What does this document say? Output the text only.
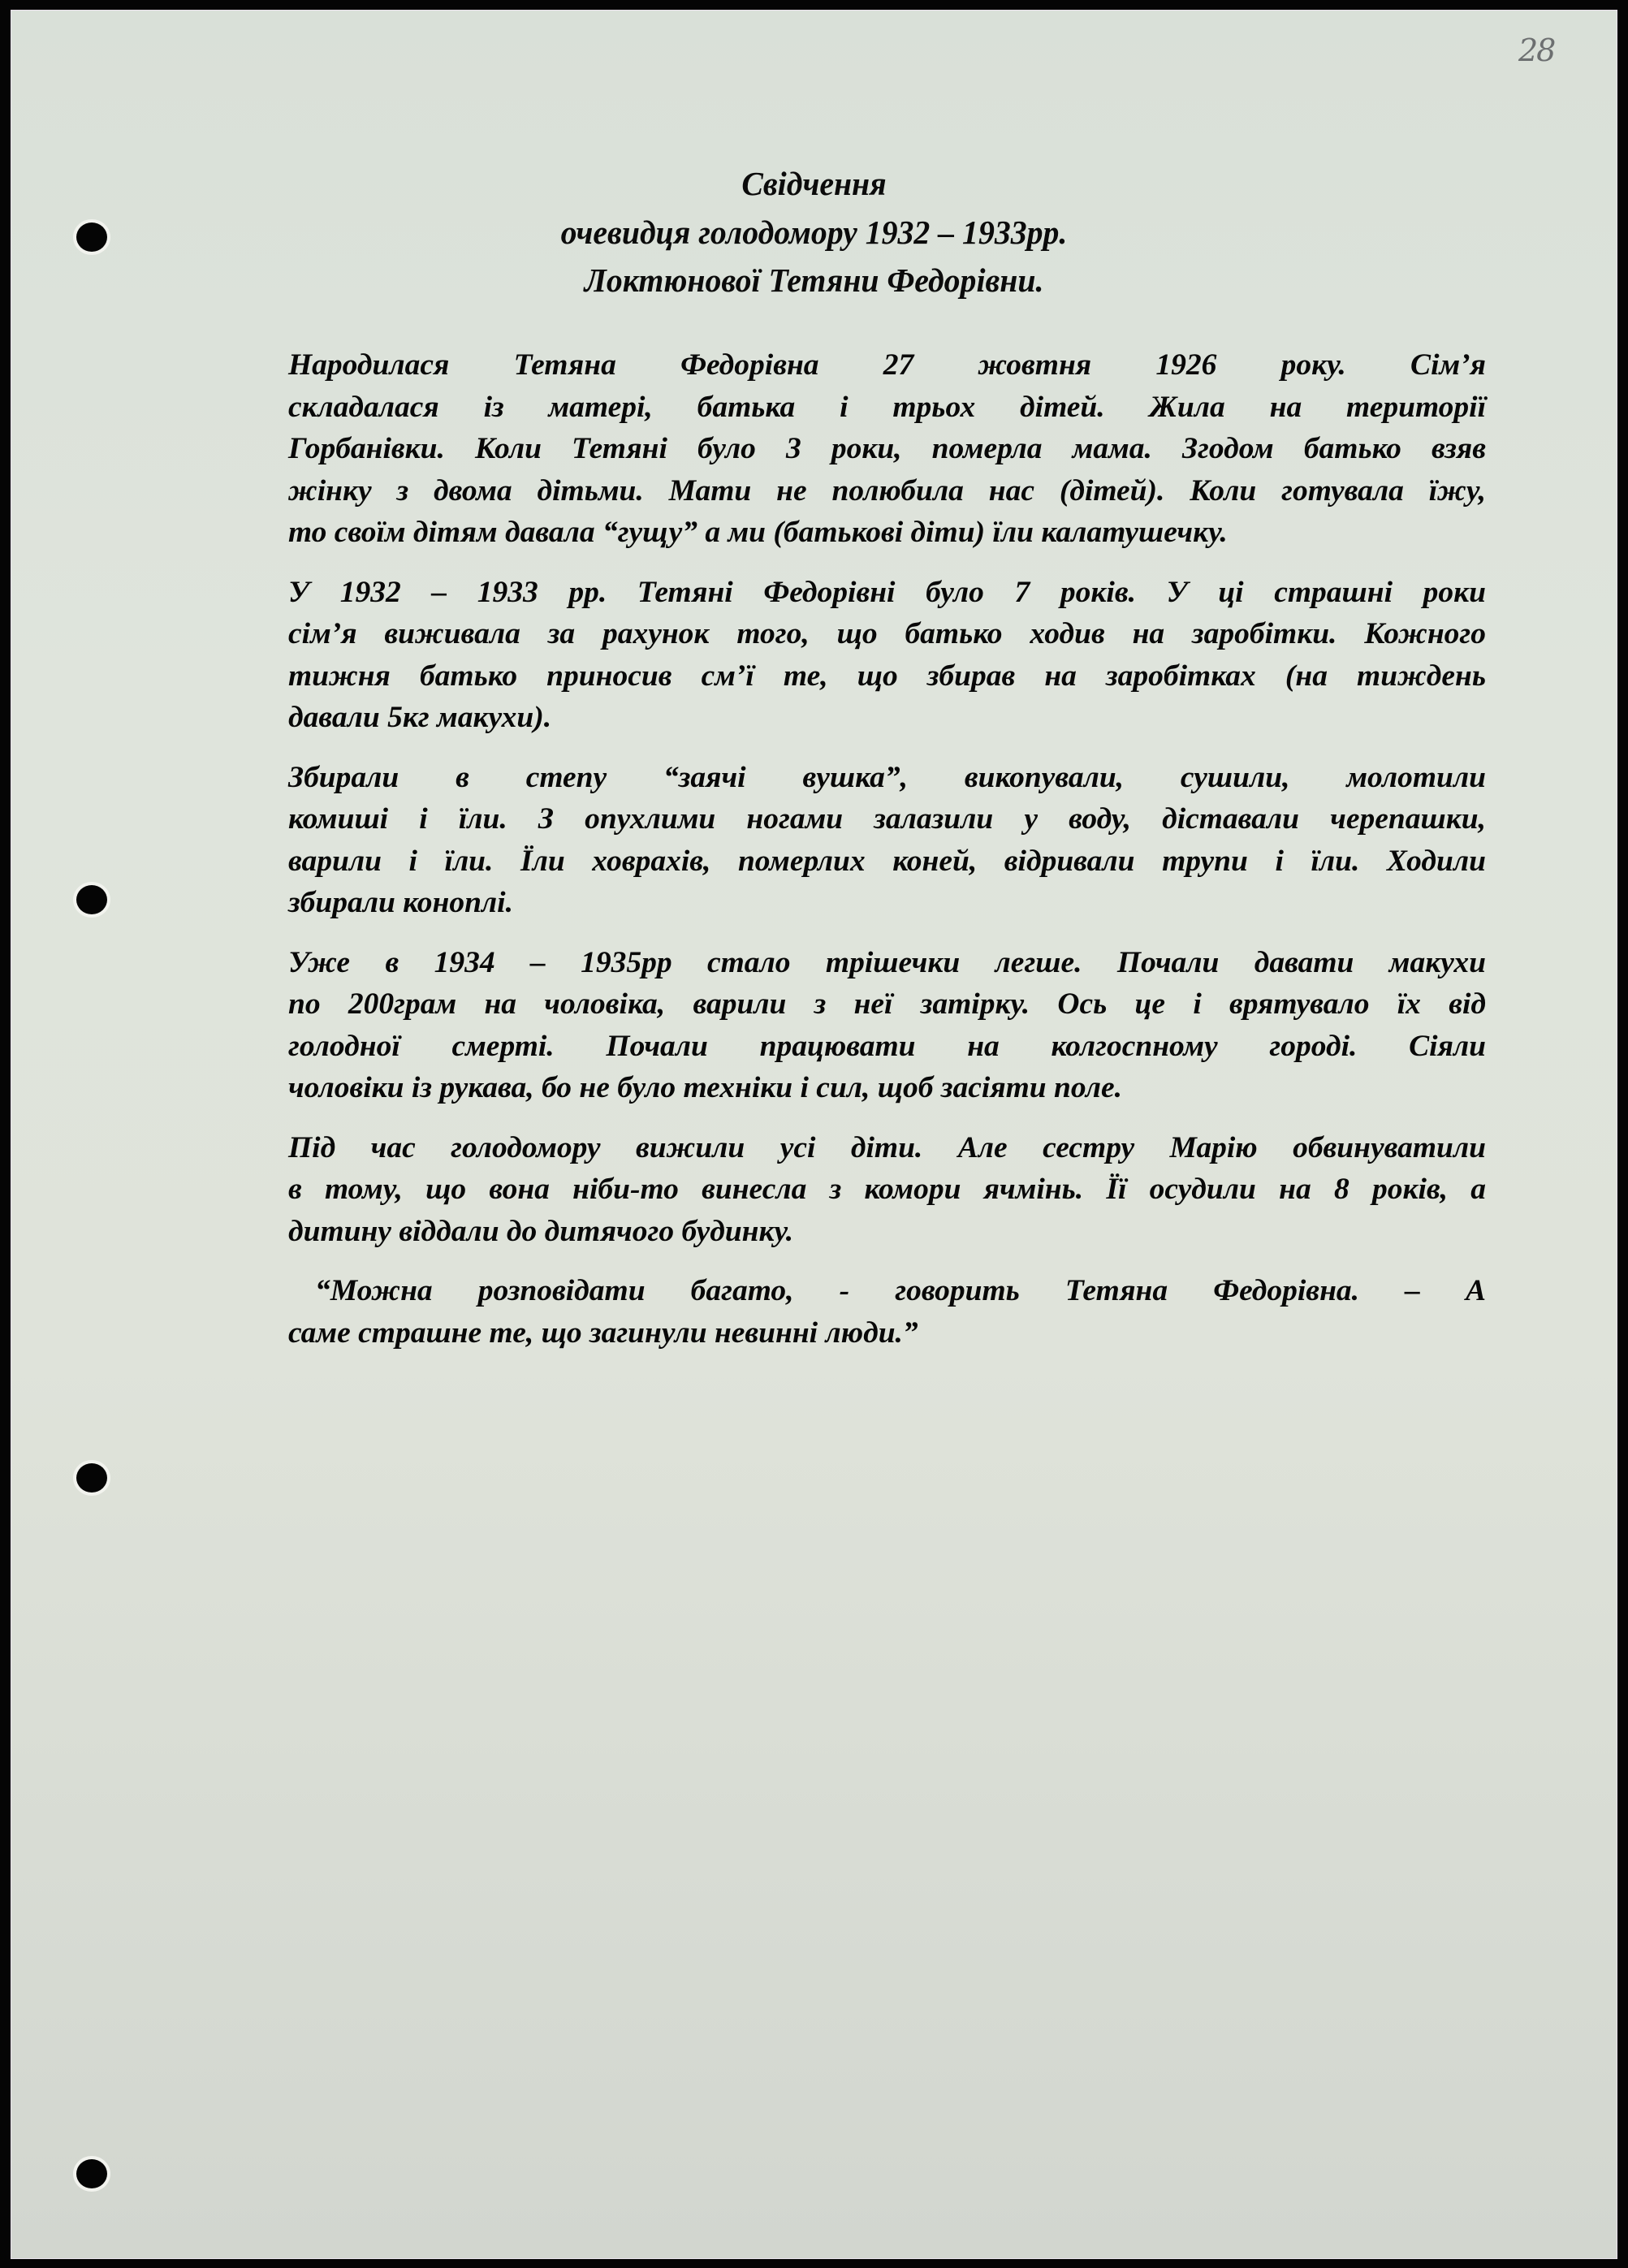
28
Свідчення
очевидця голодомору 1932 – 1933рр.
Локтюнової Тетяни Федорівни.
Народилася Тетяна Федорівна 27 жовтня 1926 року. Сім’я
складалася із матері, батька і трьох дітей. Жила на території
Горбанівки. Коли Тетяні було 3 роки, померла мама. Згодом батько взяв
жінку з двома дітьми. Мати не полюбила нас (дітей). Коли готувала їжу,
то своїм дітям давала “гущу” а ми (батькові діти) їли калатушечку.
У 1932 – 1933 рр. Тетяні Федорівні було 7 років. У ці страшні роки
сім’я виживала за рахунок того, що батько ходив на заробітки. Кожного
тижня батько приносив см’ї те, що збирав на заробітках (на тиждень
давали 5кг макухи).
Збирали в степу “заячі вушка”, викопували, сушили, молотили
комиші і їли. З опухлими ногами залазили у воду, діставали черепашки,
варили і їли. Їли ховрахів, померлих коней, відривали трупи і їли. Ходили
збирали коноплі.
Уже в 1934 – 1935рр стало трішечки легше. Почали давати макухи
по 200грам на чоловіка, варили з неї затірку. Ось це і врятувало їх від
голодної смерті. Почали працювати на колгоспному городі. Сіяли
чоловіки із рукава, бо не було техніки і сил, щоб засіяти поле.
Під час голодомору вижили усі діти. Але сестру Марію обвинуватили
в тому, що вона ніби-то винесла з комори ячмінь. Її осудили на 8 років, а
дитину віддали до дитячого будинку.
“Можна розповідати багато, - говорить Тетяна Федорівна. – А
саме страшне те, що загинули невинні люди.”
